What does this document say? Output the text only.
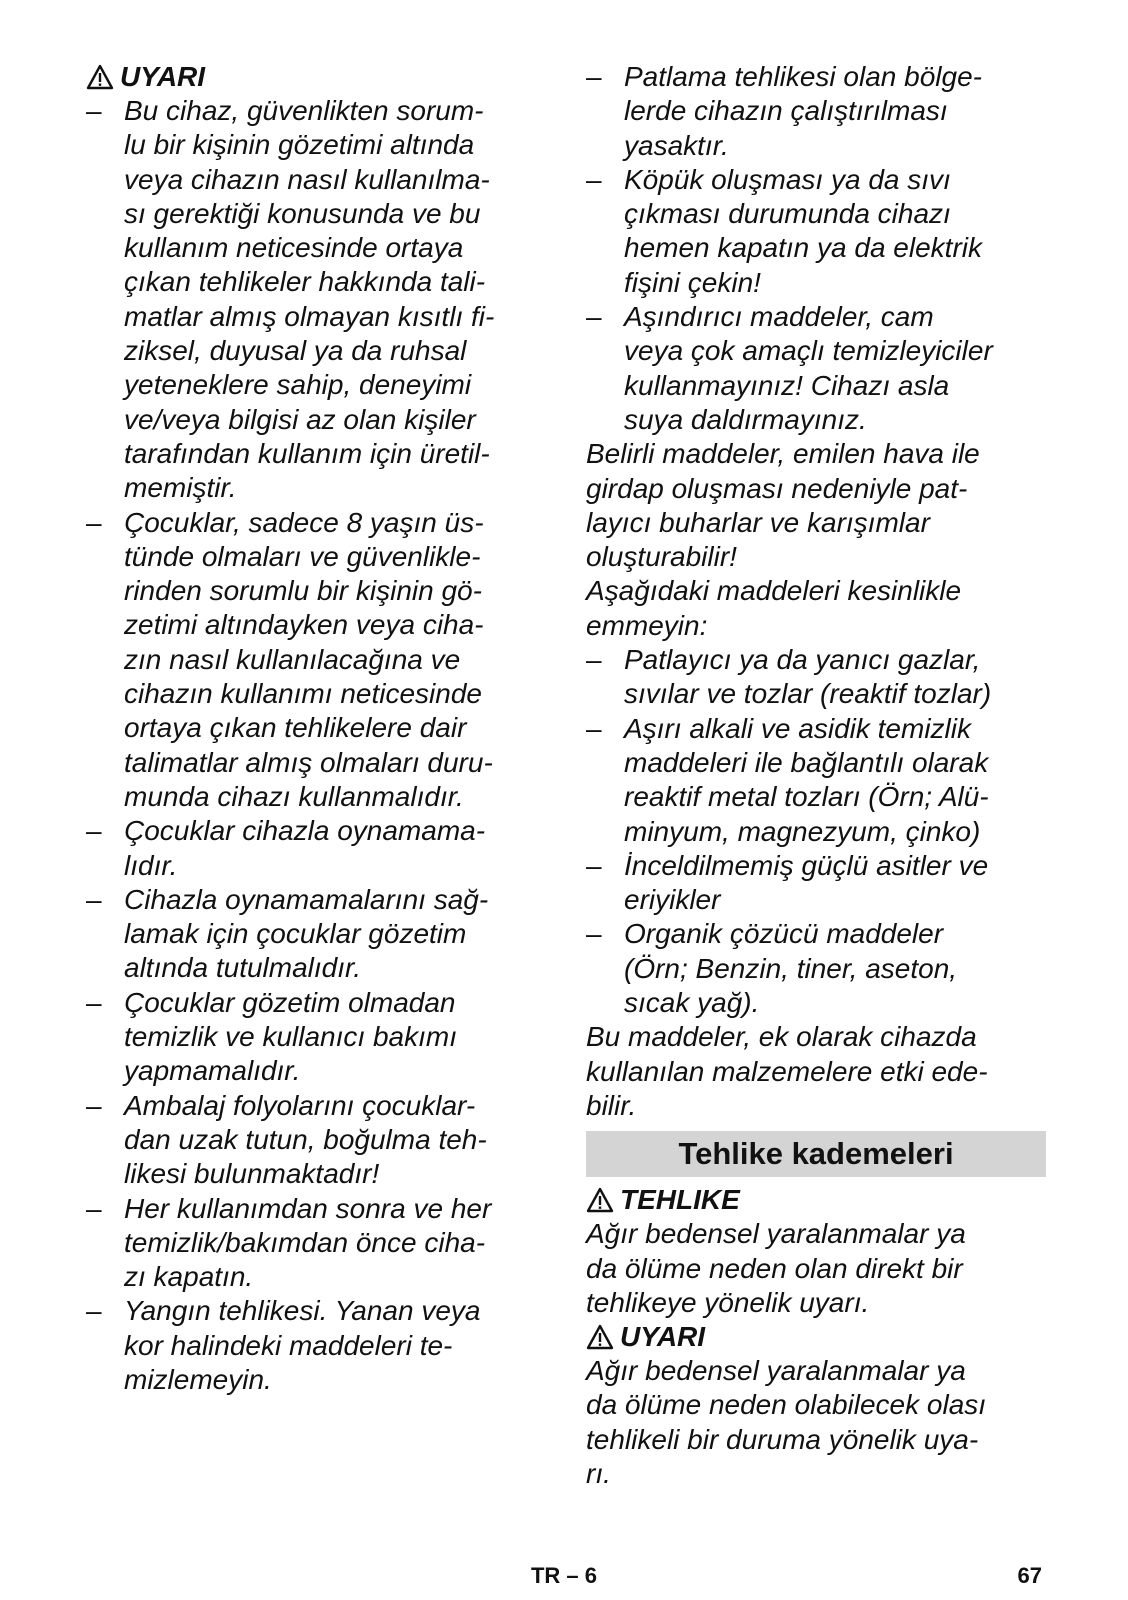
UYARI
– Bu cihaz, güvenlikten sorum-
lu bir kişinin gözetimi altında
veya cihazın nasıl kullanılma-
sı gerektiği konusunda ve bu
kullanım neticesinde ortaya
çıkan tehlikeler hakkında tali-
matlar almış olmayan kısıtlı fi-
ziksel, duyusal ya da ruhsal
yeteneklere sahip, deneyimi
ve/veya bilgisi az olan kişiler
tarafından kullanım için üretil-
memiştir.
– Çocuklar, sadece 8 yaşın üs-
tünde olmaları ve güvenlikle-
rinden sorumlu bir kişinin gö-
zetimi altındayken veya ciha-
zın nasıl kullanılacağına ve
cihazın kullanımı neticesinde
ortaya çıkan tehlikelere dair
talimatlar almış olmaları duru-
munda cihazı kullanmalıdır.
– Çocuklar cihazla oynamama-
lıdır.
– Cihazla oynamamalarını sağ-
lamak için çocuklar gözetim
altında tutulmalıdır.
– Çocuklar gözetim olmadan
temizlik ve kullanıcı bakımı
yapmamalıdır.
– Ambalaj folyolarını çocuklar-
dan uzak tutun, boğulma teh-
likesi bulunmaktadır!
– Her kullanımdan sonra ve her
temizlik/bakımdan önce ciha-
zı kapatın.
– Yangın tehlikesi. Yanan veya
kor halindeki maddeleri te-
mizlemeyin.
– Patlama tehlikesi olan bölge-
lerde cihazın çalıştırılması
yasaktır.
– Köpük oluşması ya da sıvı
çıkması durumunda cihazı
hemen kapatın ya da elektrik
fişini çekin!
– Aşındırıcı maddeler, cam
veya çok amaçlı temizleyiciler
kullanmayınız! Cihazı asla
suya daldırmayınız.
Belirli maddeler, emilen hava ile
girdap oluşması nedeniyle pat-
layıcı buharlar ve karışımlar
oluşturabilir!
Aşağıdaki maddeleri kesinlikle
emmeyin:
– Patlayıcı ya da yanıcı gazlar,
sıvılar ve tozlar (reaktif tozlar)
– Aşırı alkali ve asidik temizlik
maddeleri ile bağlantılı olarak
reaktif metal tozları (Örn; Alü-
minyum, magnezyum, çinko)
– İnceldilmemiş güçlü asitler ve
eriyikler
– Organik çözücü maddeler
(Örn; Benzin, tiner, aseton,
sıcak yağ).
Bu maddeler, ek olarak cihazda
kullanılan malzemelere etki ede-
bilir.
Tehlike kademeleri
TEHLIKE
Ağır bedensel yaralanmalar ya
da ölüme neden olan direkt bir
tehlikeye yönelik uyarı.
UYARI
Ağır bedensel yaralanmalar ya
da ölüme neden olabilecek olası
tehlikeli bir duruma yönelik uya-
rı.
TR – 6	67
